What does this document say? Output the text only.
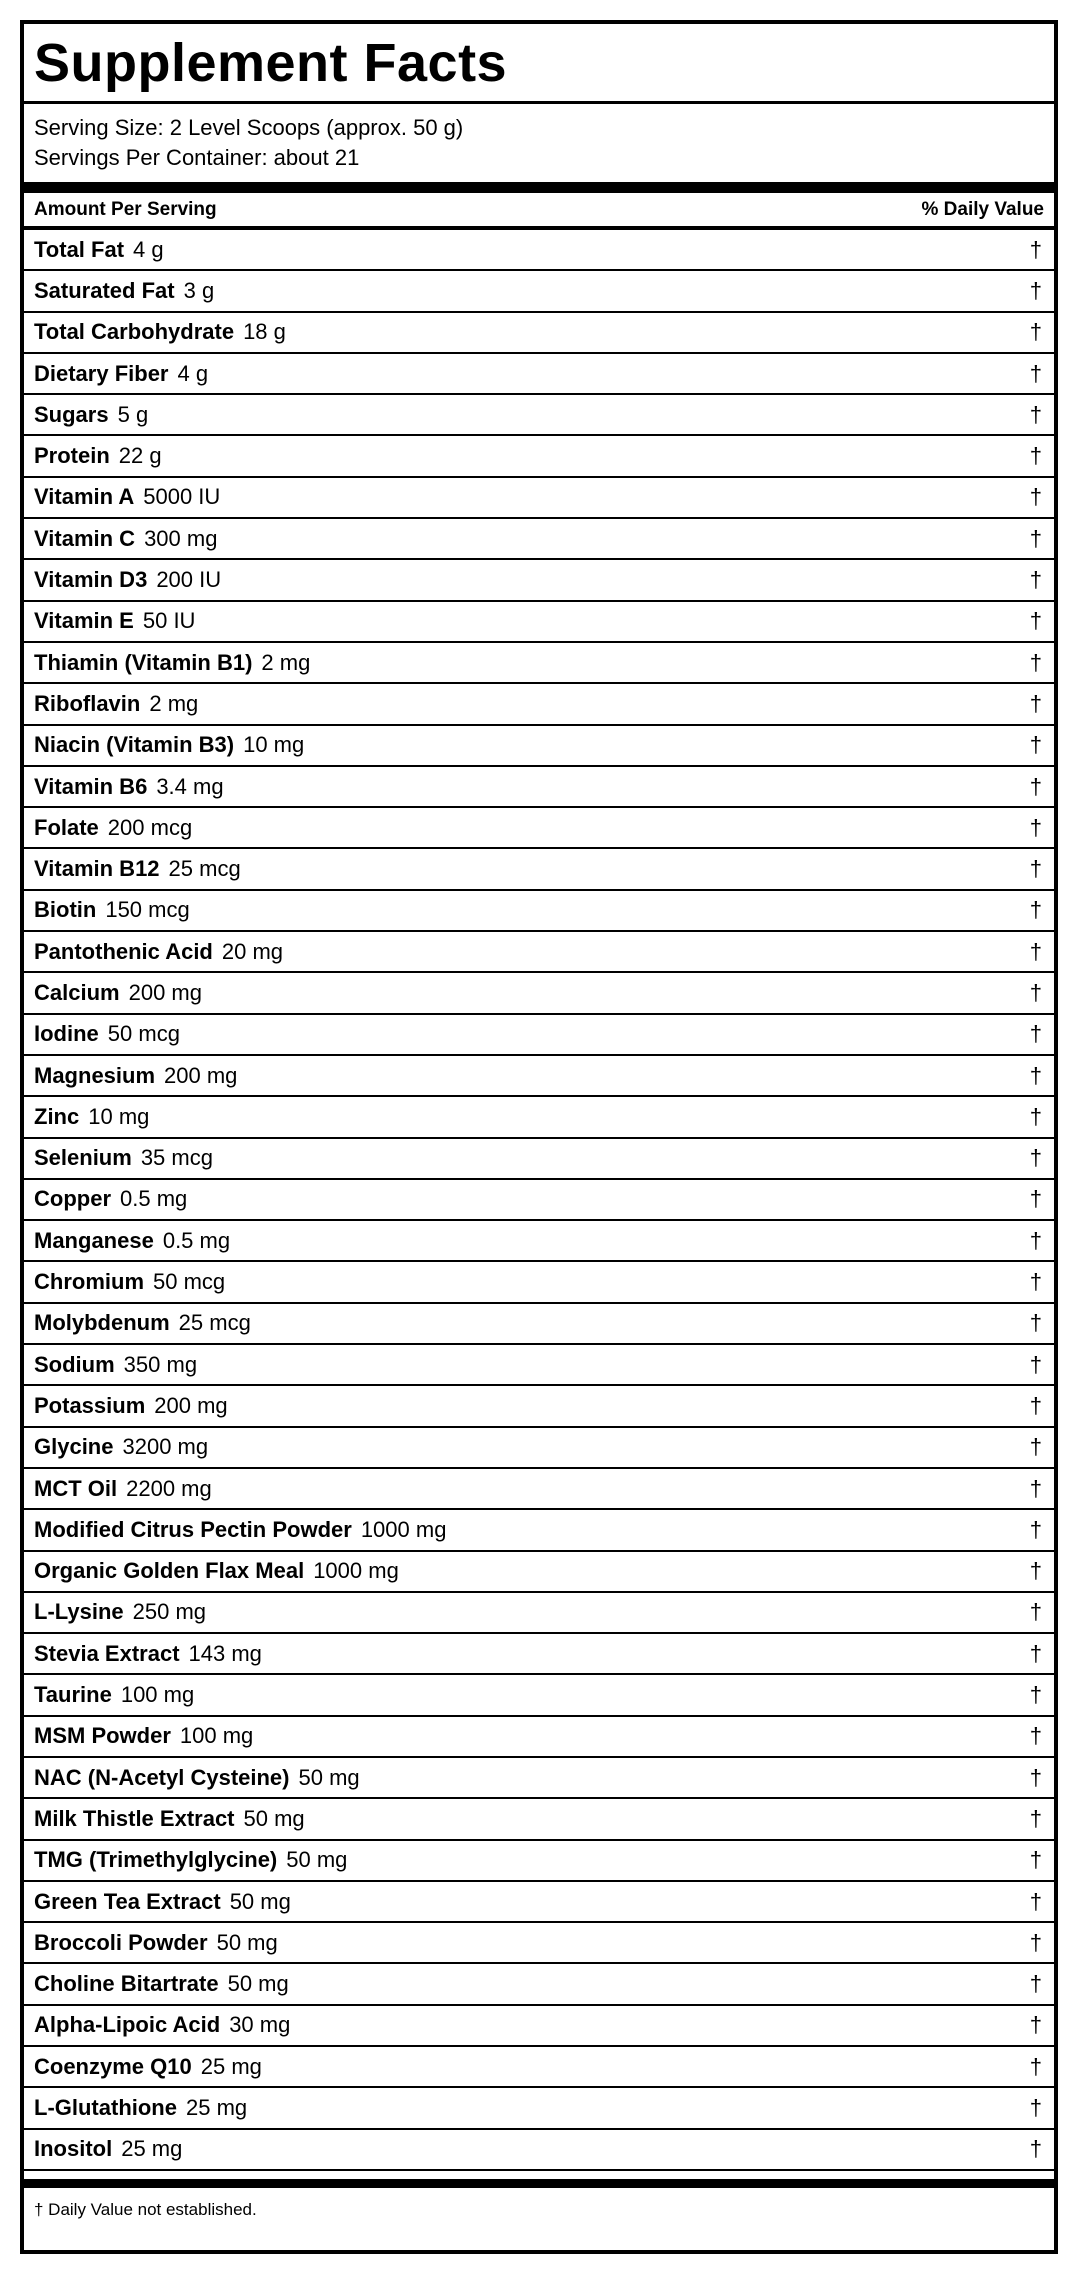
Supplement Facts
Serving Size: 2 Level Scoops (approx. 50 g)
Servings Per Container: about 21
Amount Per Serving	% Daily Value
Total Fat 4 g	†
Saturated Fat 3 g	†
Total Carbohydrate 18 g	†
Dietary Fiber 4 g	†
Sugars 5 g	†
Protein 22 g	†
Vitamin A 5000 IU	†
Vitamin C 300 mg	†
Vitamin D3 200 IU	†
Vitamin E 50 IU	†
Thiamin (Vitamin B1) 2 mg	†
Riboflavin 2 mg	†
Niacin (Vitamin B3) 10 mg	†
Vitamin B6 3.4 mg	†
Folate 200 mcg	†
Vitamin B12 25 mcg	†
Biotin 150 mcg	†
Pantothenic Acid 20 mg	†
Calcium 200 mg	†
Iodine 50 mcg	†
Magnesium 200 mg	†
Zinc 10 mg	†
Selenium 35 mcg	†
Copper 0.5 mg	†
Manganese 0.5 mg	†
Chromium 50 mcg	†
Molybdenum 25 mcg	†
Sodium 350 mg	†
Potassium 200 mg	†
Glycine 3200 mg	†
MCT Oil 2200 mg	†
Modified Citrus Pectin Powder 1000 mg	†
Organic Golden Flax Meal 1000 mg	†
L-Lysine 250 mg	†
Stevia Extract 143 mg	†
Taurine 100 mg	†
MSM Powder 100 mg	†
NAC (N-Acetyl Cysteine) 50 mg	†
Milk Thistle Extract 50 mg	†
TMG (Trimethylglycine) 50 mg	†
Green Tea Extract 50 mg	†
Broccoli Powder 50 mg	†
Choline Bitartrate 50 mg	†
Alpha-Lipoic Acid 30 mg	†
Coenzyme Q10 25 mg	†
L-Glutathione 25 mg	†
Inositol 25 mg	†
† Daily Value not established.
